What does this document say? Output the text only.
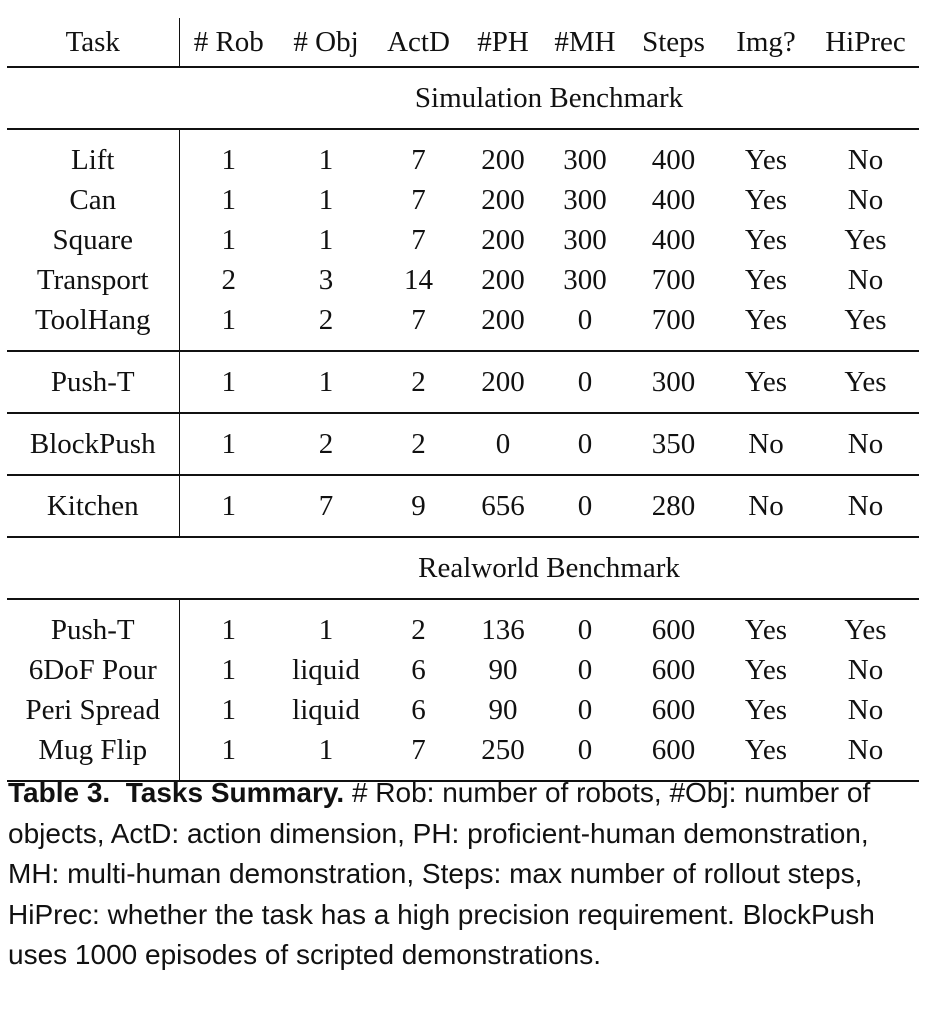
Task	# Rob	# Obj	ActD	#PH	#MH	Steps	Img?	HiPrec
	Simulation Benchmark							
Lift	1	1	7	200	300	400	Yes	No
Can	1	1	7	200	300	400	Yes	No
Square	1	1	7	200	300	400	Yes	Yes
Transport	2	3	14	200	300	700	Yes	No
ToolHang	1	2	7	200	0	700	Yes	Yes
Push-T	1	1	2	200	0	300	Yes	Yes
BlockPush	1	2	2	0	0	350	No	No
Kitchen	1	7	9	656	0	280	No	No
	Realworld Benchmark							
Push-T	1	1	2	136	0	600	Yes	Yes
6DoF Pour	1	liquid	6	90	0	600	Yes	No
Peri Spread	1	liquid	6	90	0	600	Yes	No
Mug Flip	1	1	7	250	0	600	Yes	No
Table 3. Tasks Summary. # Rob: number of robots, #Obj: number of objects, ActD: action dimension, PH: proficient-human demonstration, MH: multi-human demonstration, Steps: max number of rollout steps, HiPrec: whether the task has a high precision requirement. BlockPush uses 1000 episodes of scripted demonstrations.
